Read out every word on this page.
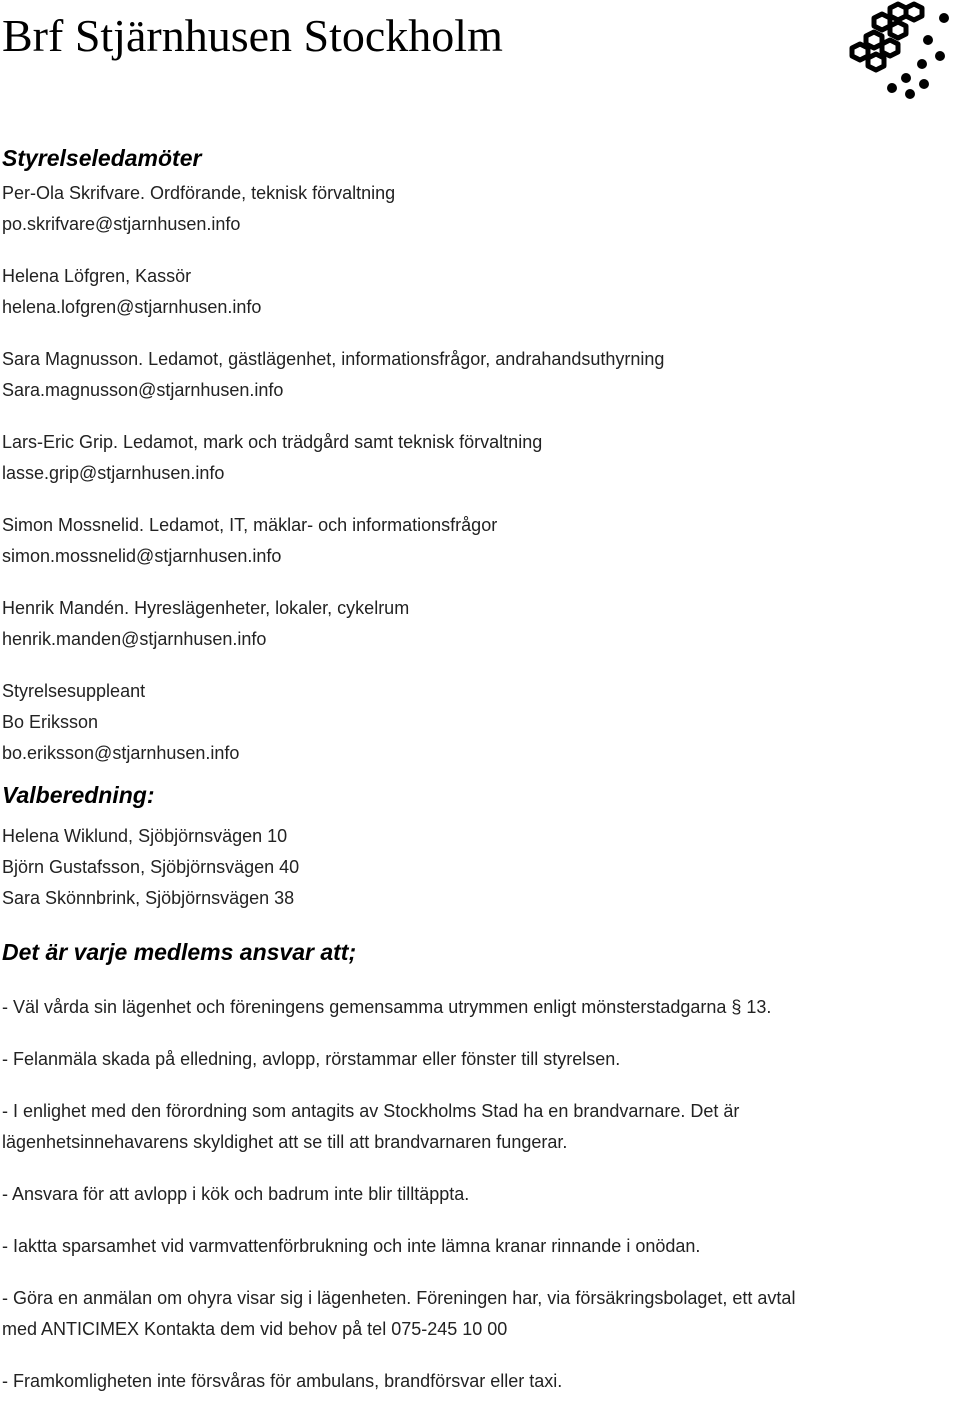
Brf Stjärnhusen Stockholm
Styrelseledamöter
Per-Ola Skrifvare. Ordförande, teknisk förvaltning
po.skrifvare@stjarnhusen.info
Helena Löfgren, Kassör
helena.lofgren@stjarnhusen.info
Sara Magnusson. Ledamot, gästlägenhet, informationsfrågor, andrahandsuthyrning
Sara.magnusson@stjarnhusen.info
Lars-Eric Grip. Ledamot, mark och trädgård samt teknisk förvaltning
lasse.grip@stjarnhusen.info
Simon Mossnelid. Ledamot, IT, mäklar- och informationsfrågor
simon.mossnelid@stjarnhusen.info
Henrik Mandén. Hyreslägenheter, lokaler, cykelrum
henrik.manden@stjarnhusen.info
Styrelsesuppleant
Bo Eriksson
bo.eriksson@stjarnhusen.info
Valberedning:
Helena Wiklund, Sjöbjörnsvägen 10
Björn Gustafsson, Sjöbjörnsvägen 40
Sara Skönnbrink, Sjöbjörnsvägen 38
Det är varje medlems ansvar att;

- Väl vårda sin lägenhet och föreningens gemensamma utrymmen enligt mönsterstadgarna § 13.

- Felanmäla skada på elledning, avlopp, rörstammar eller fönster till styrelsen.

- I enlighet med den förordning som antagits av Stockholms Stad ha en brandvarnare. Det är
lägenhetsinnehavarens skyldighet att se till att brandvarnaren fungerar.

- Ansvara för att avlopp i kök och badrum inte blir tilltäppta.

- Iaktta sparsamhet vid varmvattenförbrukning och inte lämna kranar rinnande i onödan.

- Göra en anmälan om ohyra visar sig i lägenheten. Föreningen har, via försäkringsbolaget, ett avtal
med ANTICIMEX Kontakta dem vid behov på tel 075-245 10 00

- Framkomligheten inte försvåras för ambulans, brandförsvar eller taxi.
